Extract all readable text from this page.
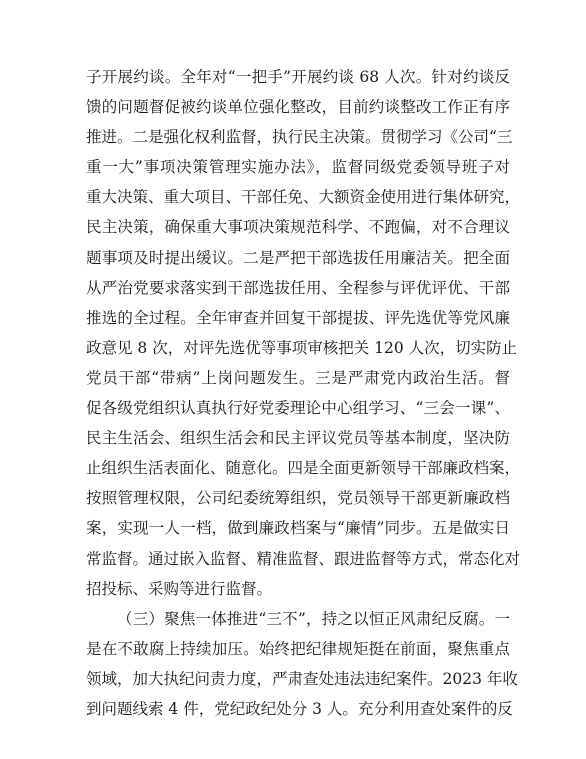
子开展约谈。全年对“一把手”开展约谈 68 人次。针对约谈反
馈的问题督促被约谈单位强化整改，目前约谈整改工作正有序
推进。二是强化权利监督，执行民主决策。贯彻学习《公司“三
重一大”事项决策管理实施办法》，监督同级党委领导班子对
重大决策、重大项目、干部任免、大额资金使用进行集体研究，
民主决策，确保重大事项决策规范科学、不跑偏，对不合理议
题事项及时提出缓议。二是严把干部选拔任用廉洁关。把全面
从严治党要求落实到干部选拔任用、全程参与评优评优、干部
推选的全过程。全年审查并回复干部提拔、评先选优等党风廉
政意见 8 次，对评先选优等事项审核把关 120 人次，切实防止
党员干部“带病”上岗问题发生。三是严肃党内政治生活。督
促各级党组织认真执行好党委理论中心组学习、“三会一课”、
民主生活会、组织生活会和民主评议党员等基本制度，坚决防
止组织生活表面化、随意化。四是全面更新领导干部廉政档案，
按照管理权限，公司纪委统筹组织，党员领导干部更新廉政档
案，实现一人一档，做到廉政档案与“廉情”同步。五是做实日
常监督。通过嵌入监督、精准监督、跟进监督等方式，常态化对
招投标、采购等进行监督。
（三）聚焦一体推进“三不”，持之以恒正风肃纪反腐。一
是在不敢腐上持续加压。始终把纪律规矩挺在前面，聚焦重点
领域，加大执纪问责力度，严肃查处违法违纪案件。2023 年收
到问题线索 4 件，党纪政纪处分 3 人。充分利用查处案件的反
